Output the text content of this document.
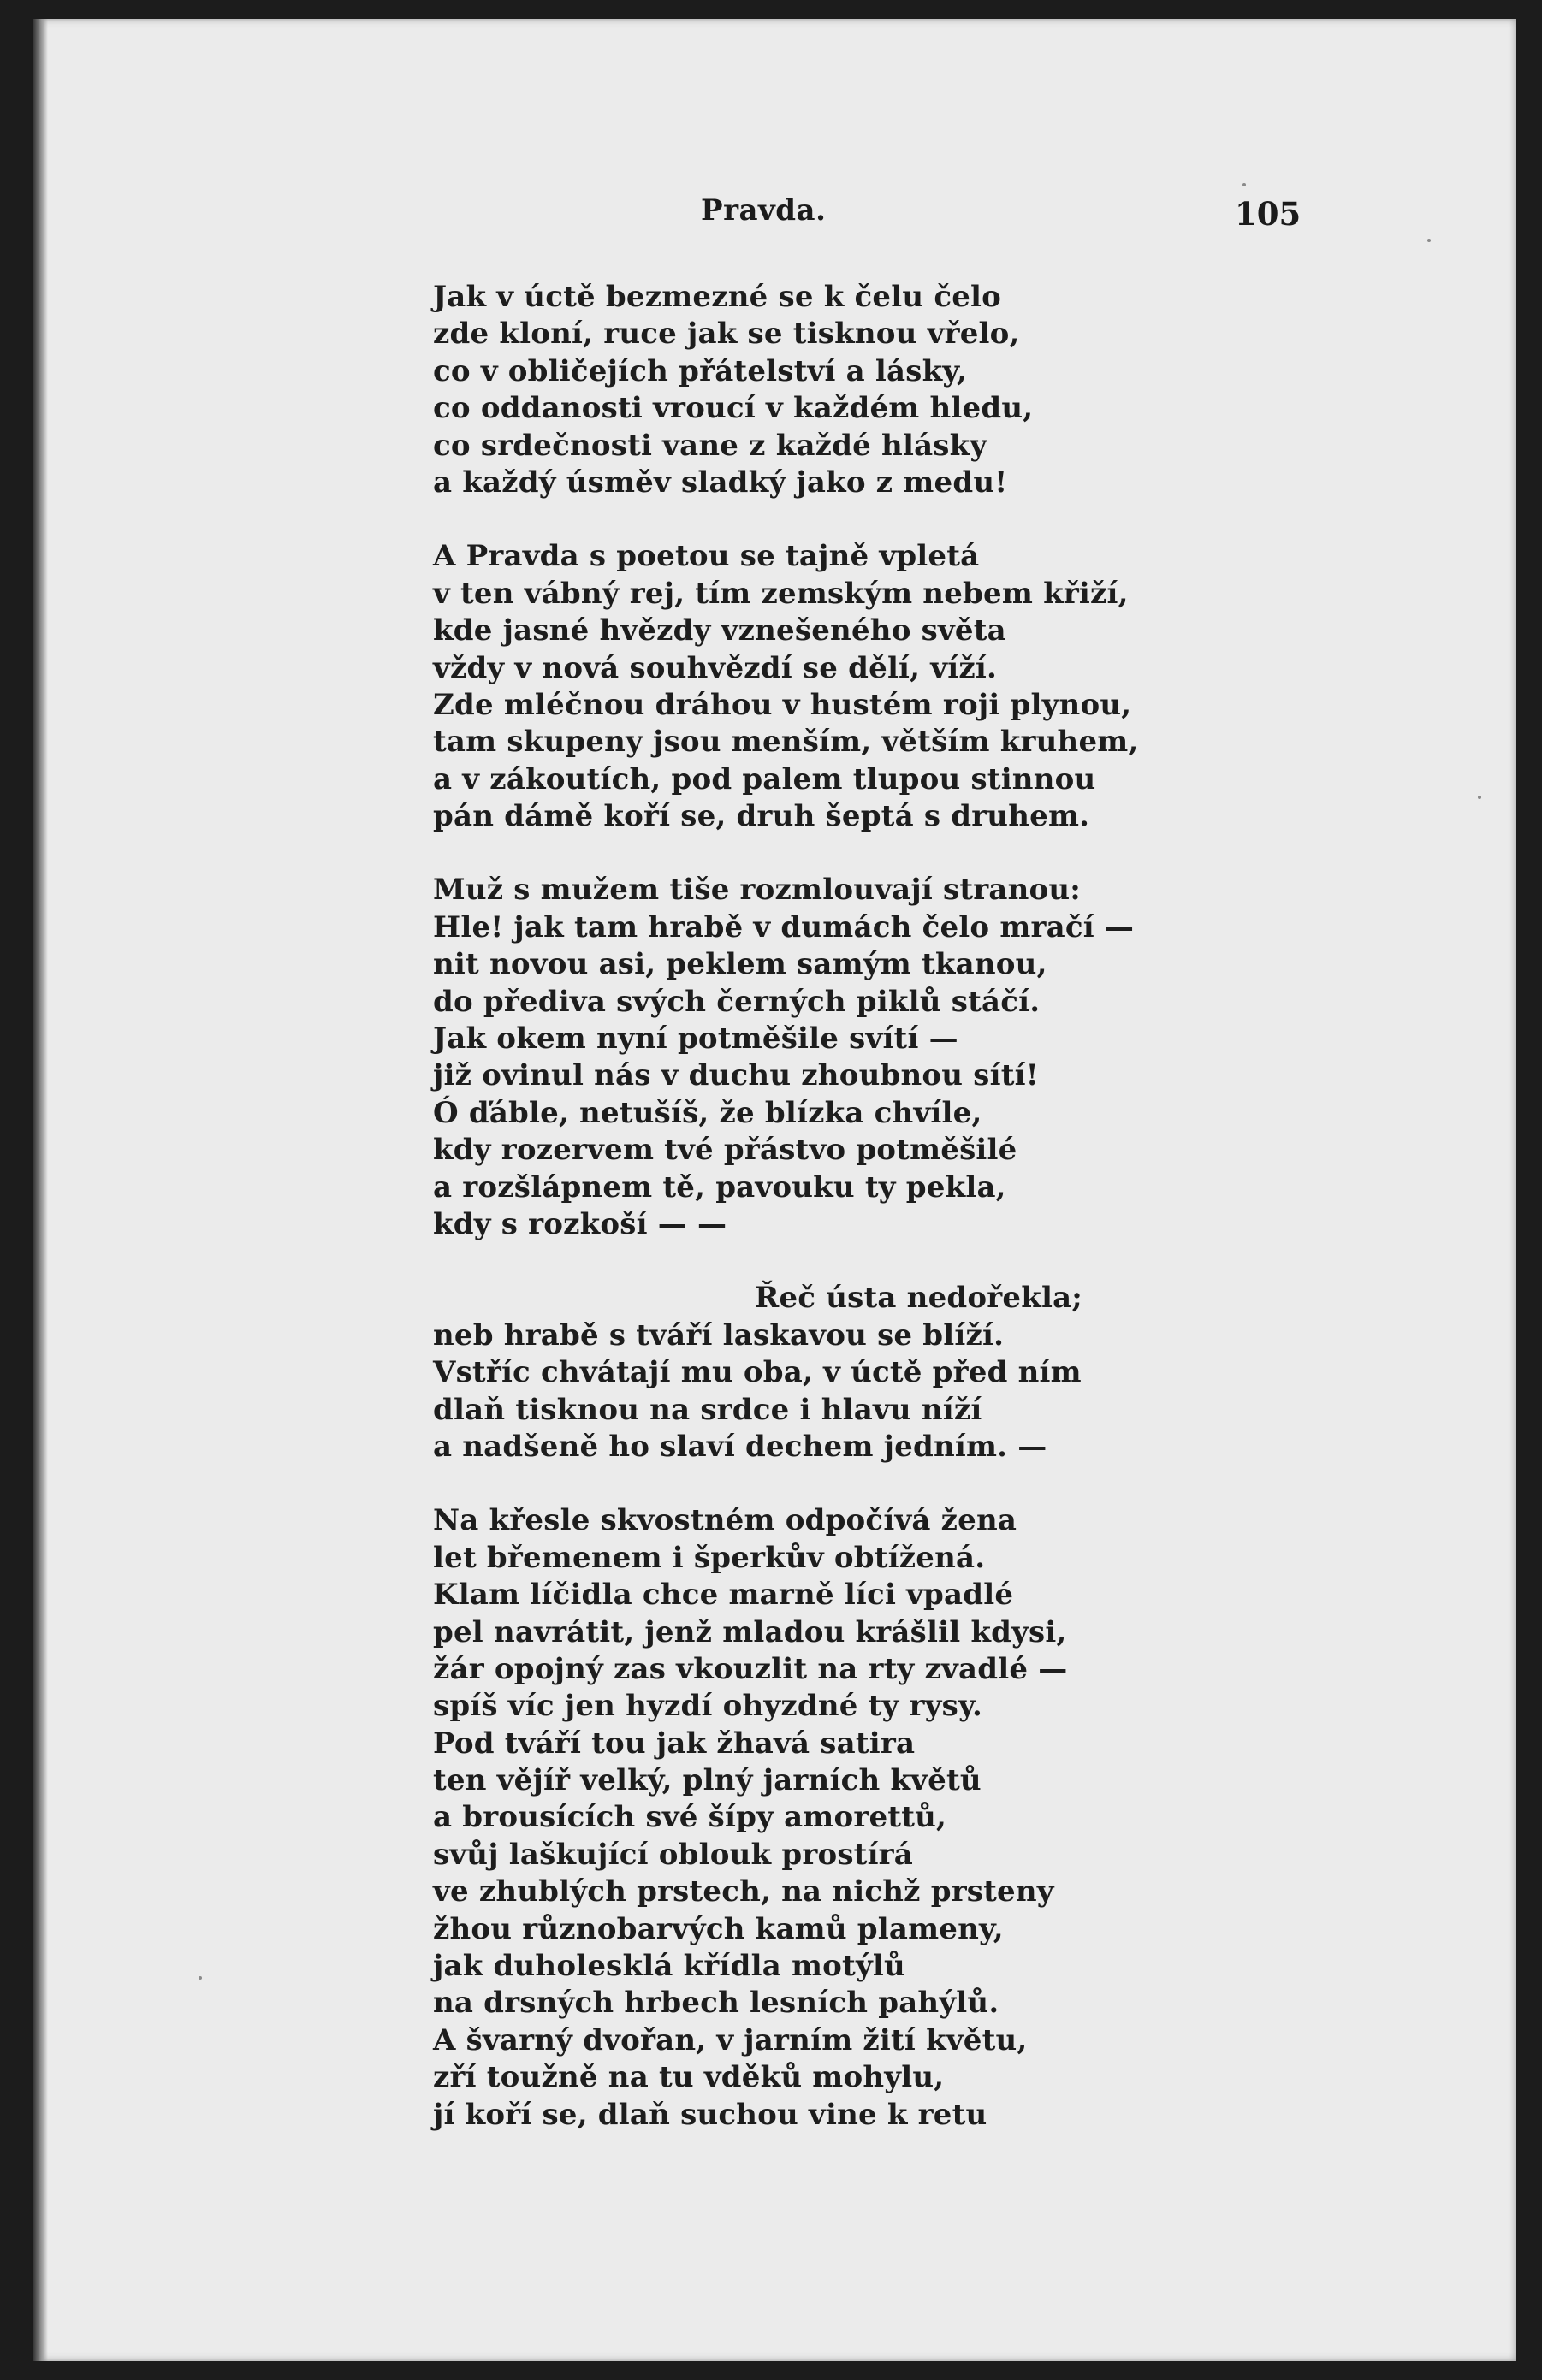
Pravda.	105
Jak v úctě bezmezné se k čelu čelo
zde kloní, ruce jak se tisknou vřelo,
co v obličejích přátelství a lásky,
co oddanosti vroucí v každém hledu,
co srdečnosti vane z každé hlásky
a každý úsměv sladký jako z medu!
A Pravda s poetou se tajně vpletá
v ten vábný rej, tím zemským nebem křiží,
kde jasné hvězdy vznešeného světa
vždy v nová souhvězdí se dělí, víží.
Zde mléčnou dráhou v hustém roji plynou,
tam skupeny jsou menším, větším kruhem,
a v zákoutích, pod palem tlupou stinnou
pán dámě koří se, druh šeptá s druhem.
Muž s mužem tiše rozmlouvají stranou:
Hle! jak tam hrabě v dumách čelo mračí —
nit novou asi, peklem samým tkanou,
do přediva svých černých piklů stáčí.
Jak okem nyní potměšile svítí —
již ovinul nás v duchu zhoubnou sítí!
Ó ďáble, netušíš, že blízka chvíle,
kdy rozervem tvé přástvo potměšilé
a rozšlápnem tě, pavouku ty pekla,
kdy s rozkoší — —
Řeč ústa nedořekla;
neb hrabě s tváří laskavou se blíží.
Vstříc chvátají mu oba, v úctě před ním
dlaň tisknou na srdce i hlavu níží
a nadšeně ho slaví dechem jedním. —
Na křesle skvostném odpočívá žena
let břemenem i šperkův obtížená.
Klam líčidla chce marně líci vpadlé
pel navrátit, jenž mladou krášlil kdysi,
žár opojný zas vkouzlit na rty zvadlé —
spíš víc jen hyzdí ohyzdné ty rysy.
Pod tváří tou jak žhavá satira
ten vějíř velký, plný jarních květů
a brousících své šípy amorettů,
svůj laškující oblouk prostírá
ve zhublých prstech, na nichž prsteny
žhou různobarvých kamů plameny,
jak duholesklá křídla motýlů
na drsných hrbech lesních pahýlů.
A švarný dvořan, v jarním žití květu,
zří toužně na tu vděků mohylu,
jí koří se, dlaň suchou vine k retu
